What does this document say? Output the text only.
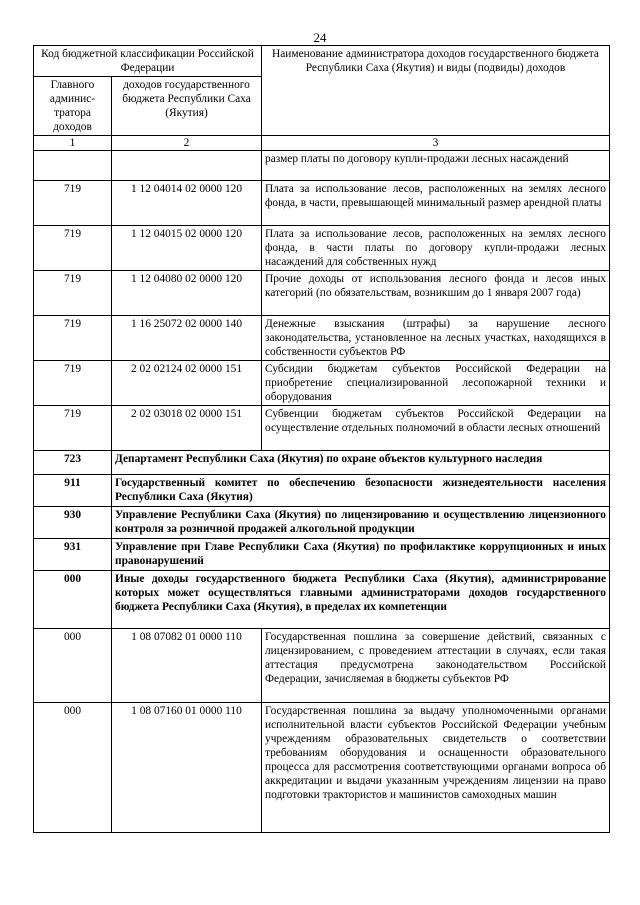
24
Код бюджетной классификации Российской Федерации		Наименование администратора доходов государственного бюджета Республики Саха (Якутия) и виды (подвиды) доходов
Главного админис-тратора доходов	доходов государственного бюджета Республики Саха (Якутия)	
1	2	3
		размер платы по договору купли-продажи лесных насаждений
719	1 12 04014 02 0000 120	Плата за использование лесов, расположенных на землях лесного фонда, в части, превышающей минимальный размер арендной платы
719	1 12 04015 02 0000 120	Плата за использование лесов, расположенных на землях лесного фонда, в части платы по договору купли-продажи лесных насаждений для собственных нужд
719	1 12 04080 02 0000 120	Прочие доходы от использования лесного фонда и лесов иных категорий (по обязательствам, возникшим до 1 января 2007 года)
719	1 16 25072 02 0000 140	Денежные взыскания (штрафы) за нарушение лесного законодательства, установленное на лесных участках, находящихся в собственности субъектов РФ
719	2 02 02124 02 0000 151	Субсидии бюджетам субъектов Российской Федерации на приобретение специализированной лесопожарной техники и оборудования
719	2 02 03018 02 0000 151	Субвенции бюджетам субъектов Российской Федерации на осуществление отдельных полномочий в области лесных отношений
723	Департамент Республики Саха (Якутия) по охране объектов культурного наследия	
911	Государственный комитет по обеспечению безопасности жизнедеятельности населения Республики Саха (Якутия)	
930	Управление Республики Саха (Якутия) по лицензированию и осуществлению лицензионного контроля за розничной продажей алкогольной продукции	
931	Управление при Главе Республики Саха (Якутия) по профилактике коррупционных и иных правонарушений	
000	Иные доходы государственного бюджета Республики Саха (Якутия), администрирование которых может осуществляться главными администраторами доходов государственного бюджета Республики Саха (Якутия), в пределах их компетенции	
000	1 08 07082 01 0000 110	Государственная пошлина за совершение действий, связанных с лицензированием, с проведением аттестации в случаях, если такая аттестация предусмотрена законодательством Российской Федерации, зачисляемая в бюджеты субъектов РФ
000	1 08 07160 01 0000 110	Государственная пошлина за выдачу уполномоченными органами исполнительной власти субъектов Российской Федерации учебным учреждениям образовательных свидетельств о соответствии требованиям оборудования и оснащенности образовательного процесса для рассмотрения соответствующими органами вопроса об аккредитации и выдачи указанным учреждениям лицензии на право подготовки трактористов и машинистов самоходных машин
